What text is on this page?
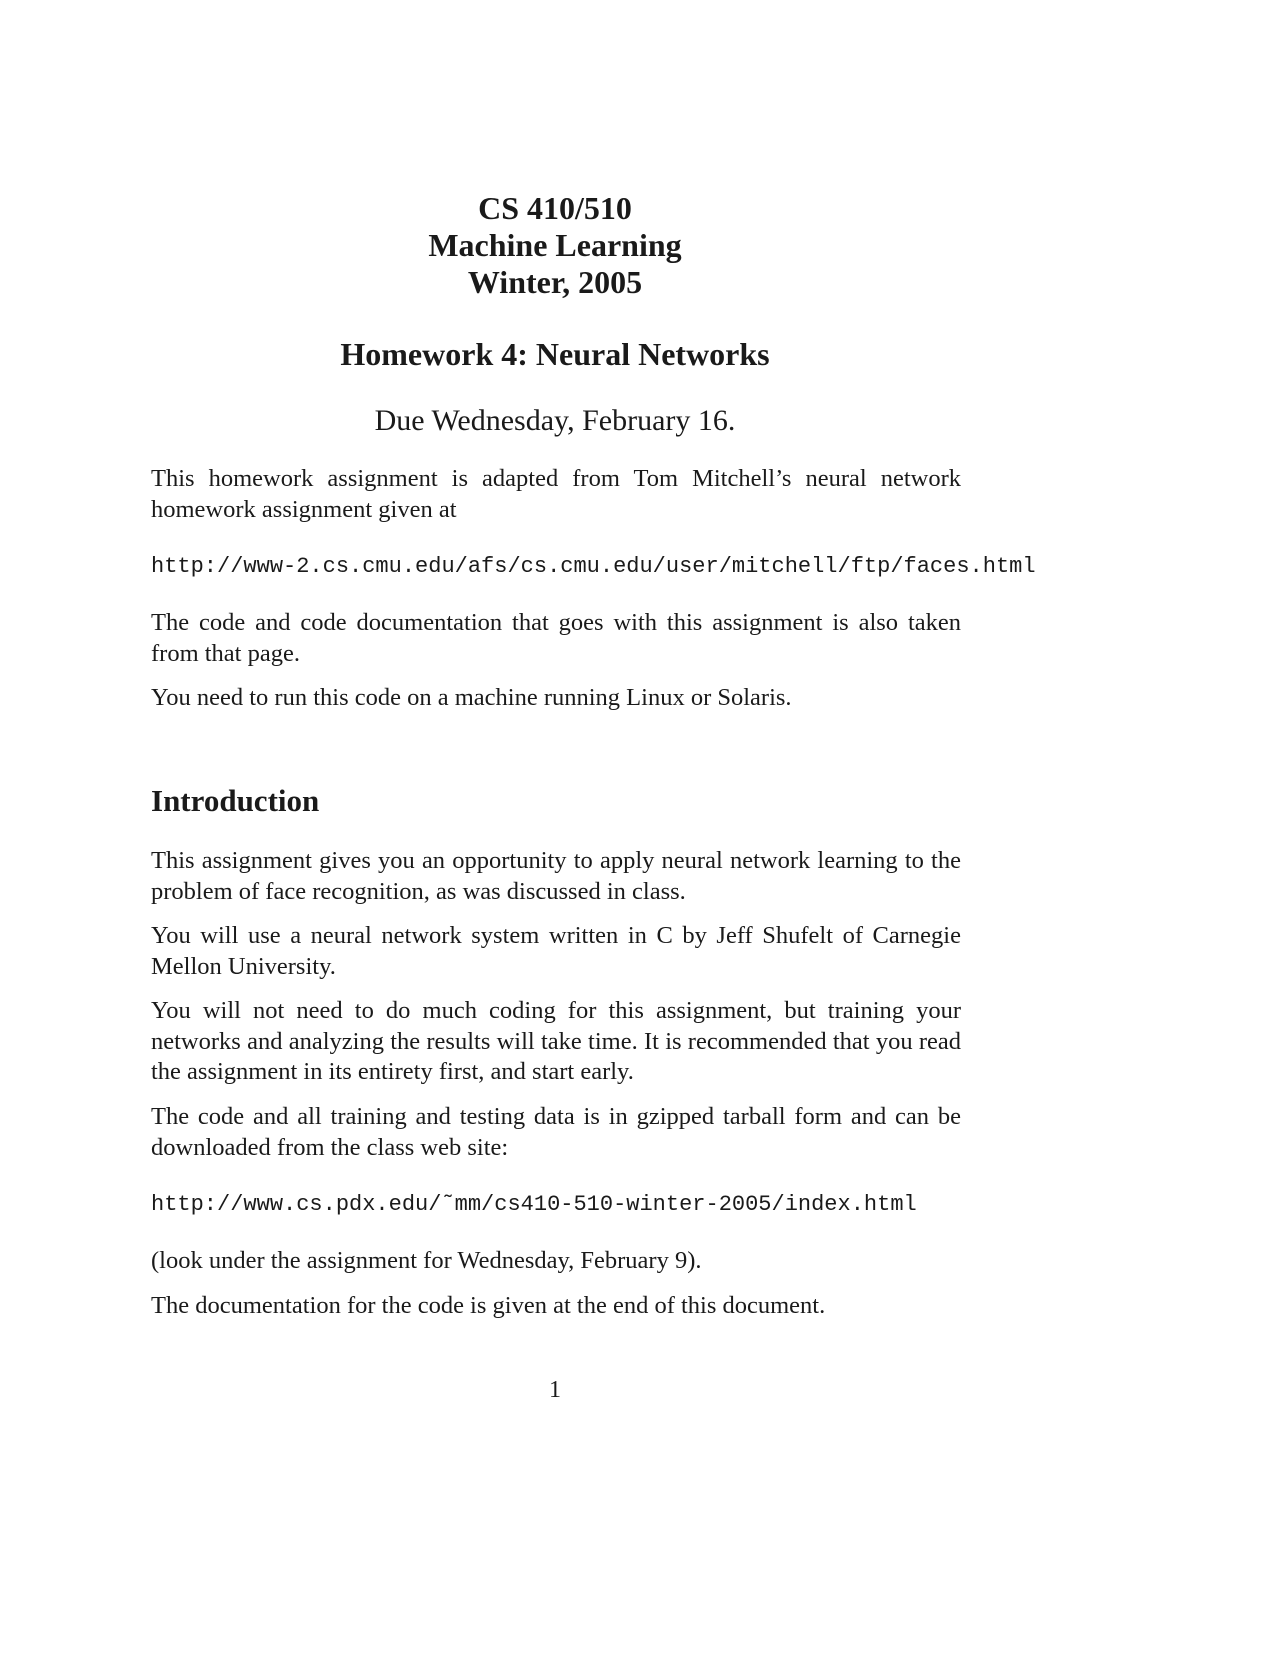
CS 410/510
Machine Learning
Winter, 2005
Homework 4: Neural Networks
Due Wednesday, February 16.

This homework assignment is adapted from Tom Mitchell’s neural network homework assignment given at

http://www-2.cs.cmu.edu/afs/cs.cmu.edu/user/mitchell/ftp/faces.html

The code and code documentation that goes with this assignment is also taken from that page.

You need to run this code on a machine running Linux or Solaris.

Introduction

This assignment gives you an opportunity to apply neural network learning to the problem of face recognition, as was discussed in class.

You will use a neural network system written in C by Jeff Shufelt of Carnegie Mellon University.

You will not need to do much coding for this assignment, but training your networks and analyzing the results will take time. It is recommended that you read the assignment in its entirety first, and start early.

The code and all training and testing data is in gzipped tarball form and can be downloaded from the class web site:

http://www.cs.pdx.edu/˜mm/cs410-510-winter-2005/index.html

(look under the assignment for Wednesday, February 9).

The documentation for the code is given at the end of this document.

1
